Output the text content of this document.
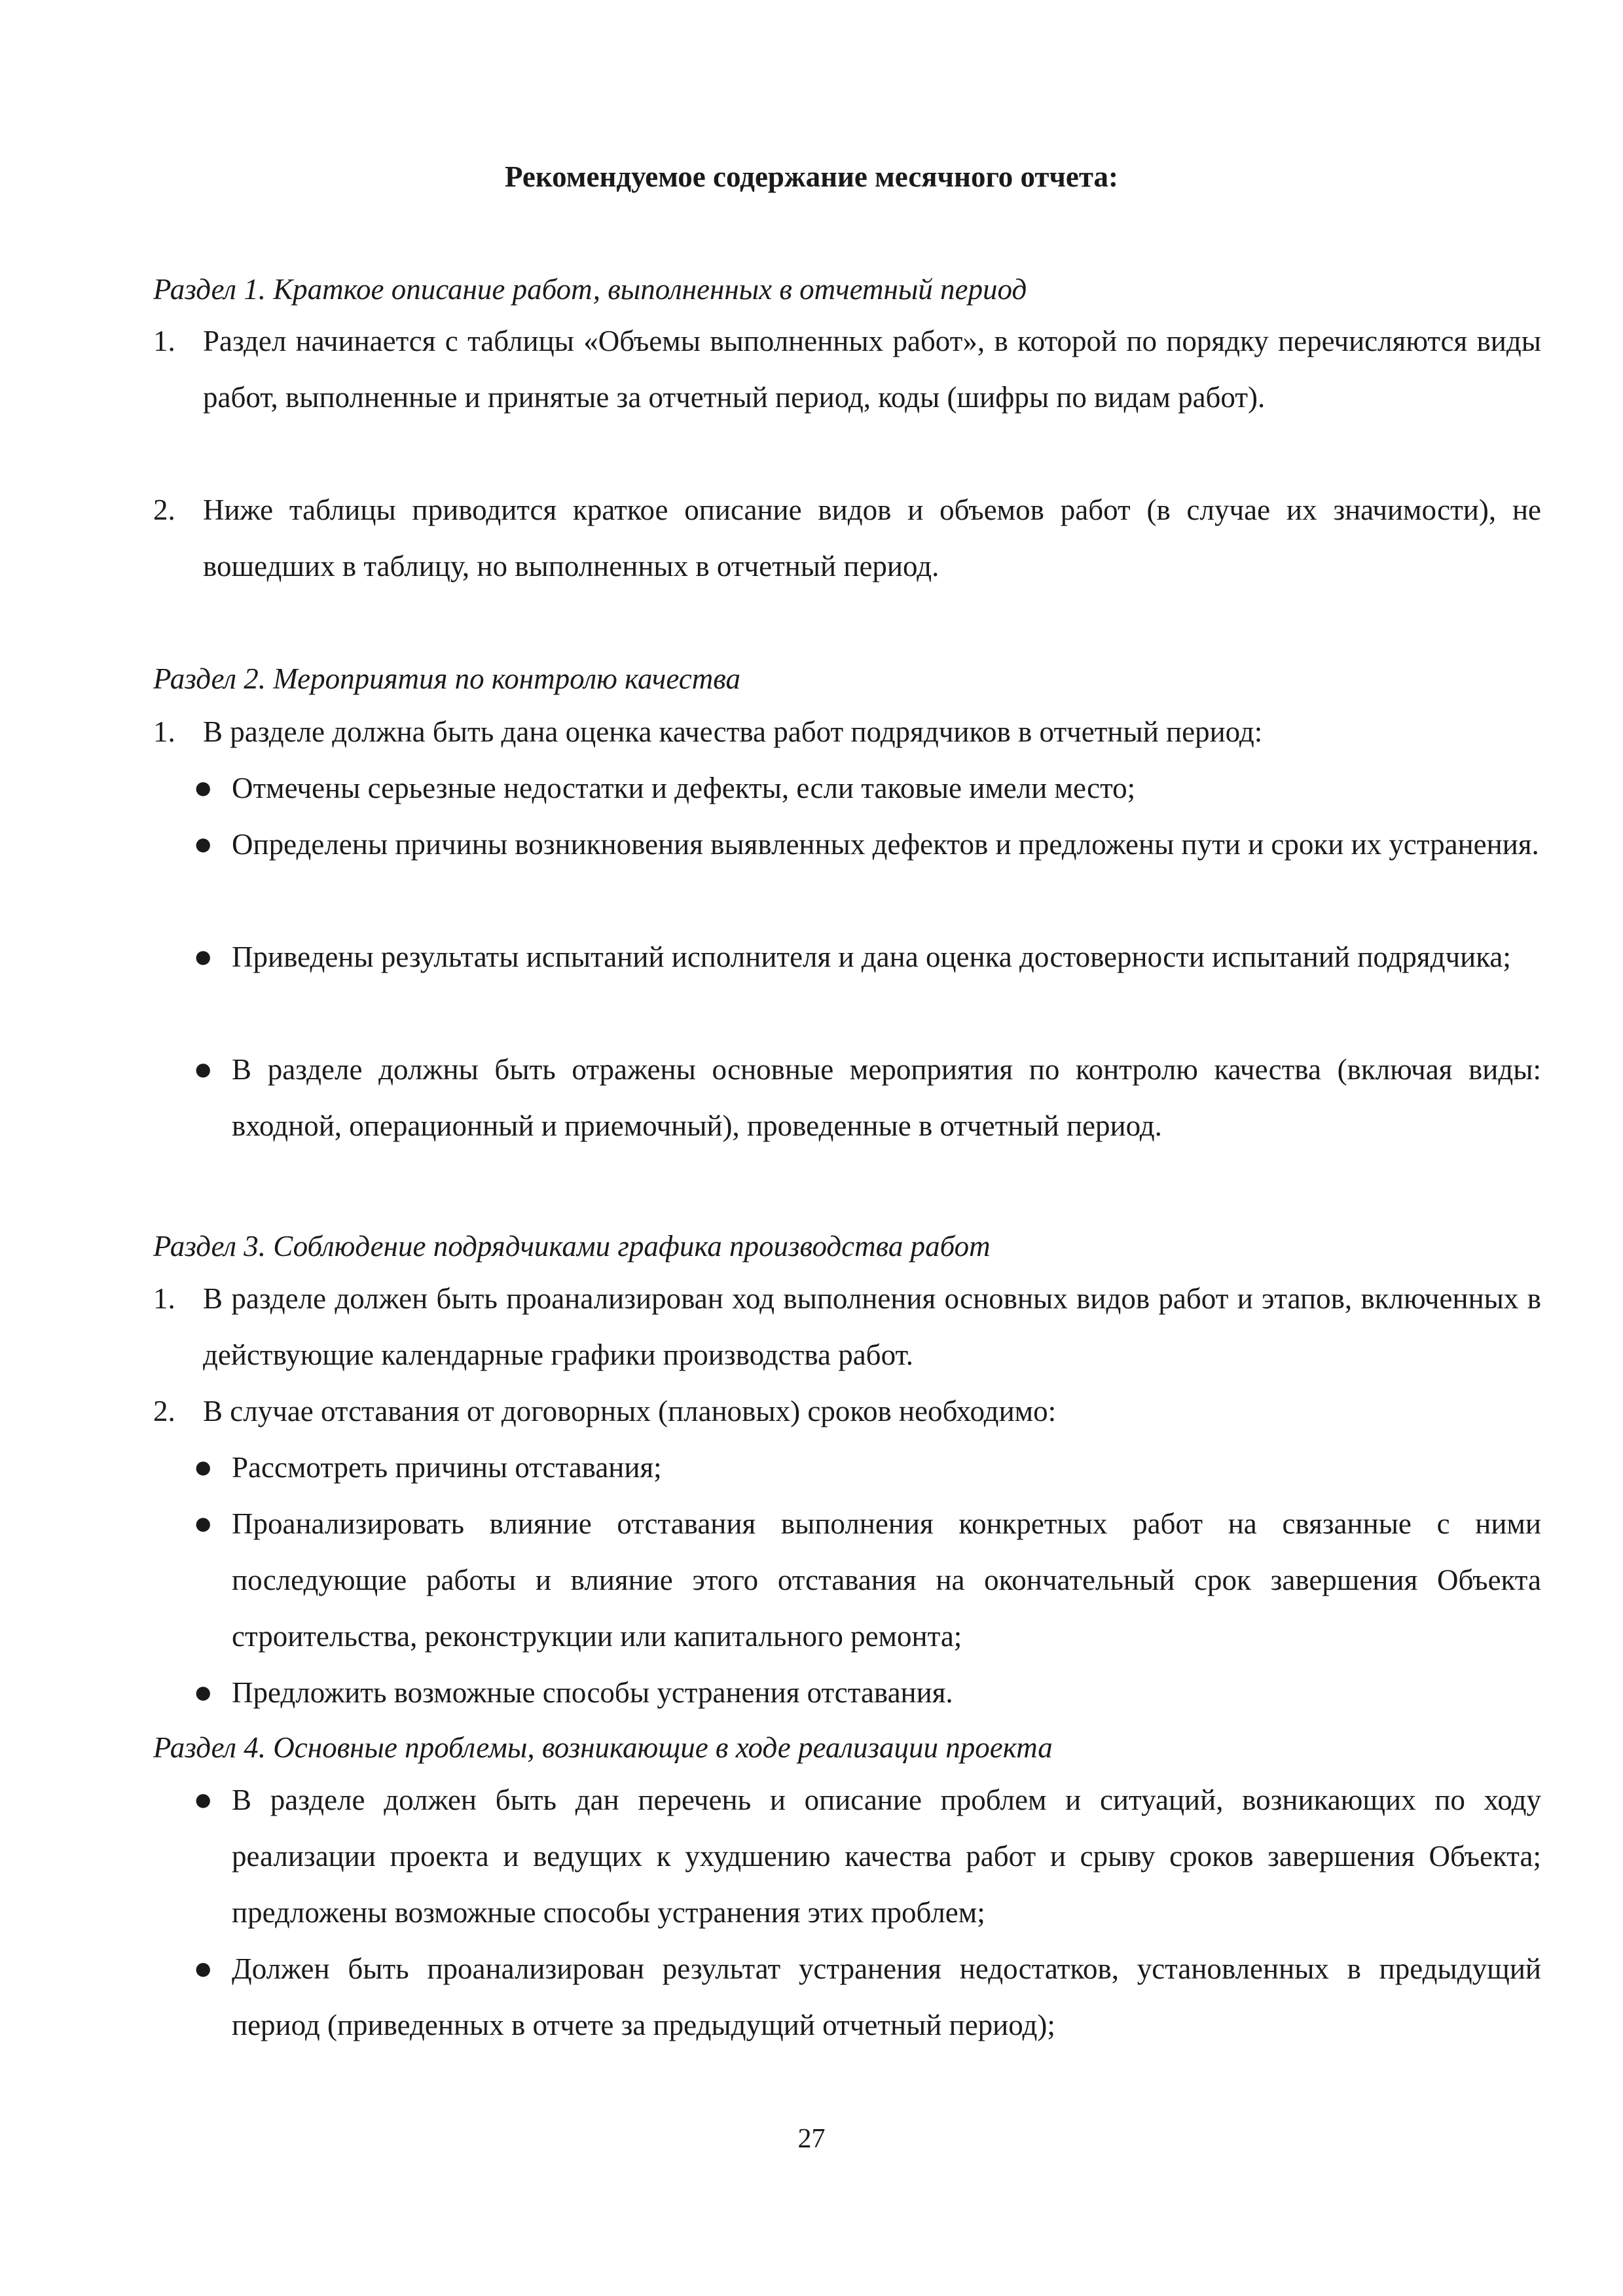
Рекомендуемое содержание месячного отчета:

Раздел 1. Краткое описание работ, выполненных в отчетный период

1. Раздел начинается с таблицы «Объемы выполненных работ», в которой по порядку перечисляются виды работ, выполненные и принятые за отчетный период, коды (шифры по видам работ).
2. Ниже таблицы приводится краткое описание видов и объемов работ (в случае их значимости), не вошедших в таблицу, но выполненных в отчетный период.

Раздел 2. Мероприятия по контролю качества

1. В разделе должна быть дана оценка качества работ подрядчиков в отчетный период:
● Отмечены серьезные недостатки и дефекты, если таковые имели место;
● Определены причины возникновения выявленных дефектов и предложены пути и сроки их устранения.
● Приведены результаты испытаний исполнителя и дана оценка достоверности испытаний подрядчика;
● В разделе должны быть отражены основные мероприятия по контролю качества (включая виды: входной, операционный и приемочный), проведенные в отчетный период.

Раздел 3. Соблюдение подрядчиками графика производства работ

1. В разделе должен быть проанализирован ход выполнения основных видов работ и этапов, включенных в действующие календарные графики производства работ.
2. В случае отставания от договорных (плановых) сроков необходимо:
● Рассмотреть причины отставания;
● Проанализировать влияние отставания выполнения конкретных работ на связанные с ними последующие работы и влияние этого отставания на окончательный срок завершения Объекта строительства, реконструкции или капитального ремонта;
● Предложить возможные способы устранения отставания.

Раздел 4. Основные проблемы, возникающие в ходе реализации проекта

● В разделе должен быть дан перечень и описание проблем и ситуаций, возникающих по ходу реализации проекта и ведущих к ухудшению качества работ и срыву сроков завершения Объекта; предложены возможные способы устранения этих проблем;
● Должен быть проанализирован результат устранения недостатков, установленных в предыдущий период (приведенных в отчете за предыдущий отчетный период);

27
